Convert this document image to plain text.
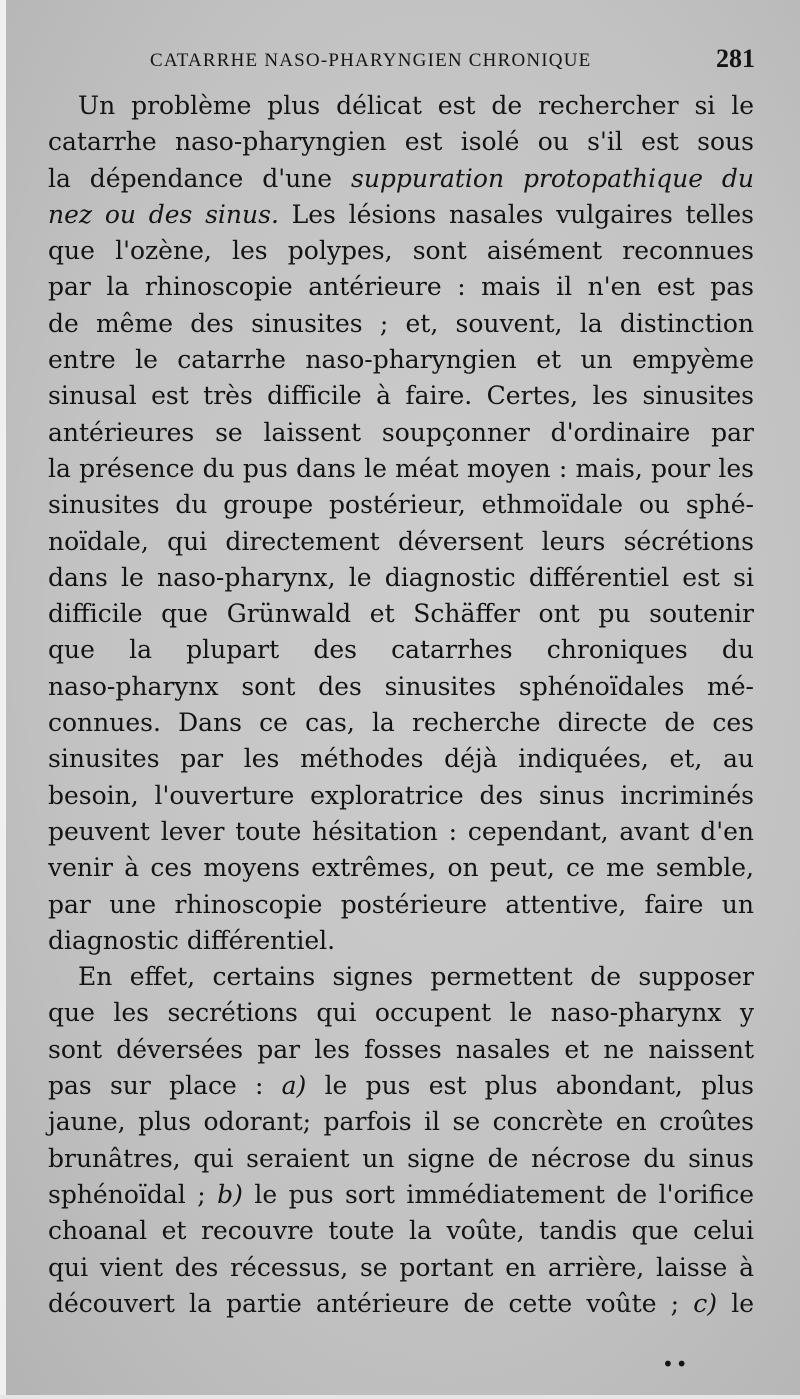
CATARRHE NASO-PHARYNGIEN CHRONIQUE	281
Un problème plus délicat est de rechercher si le
catarrhe naso-pharyngien est isolé ou s'il est sous
la dépendance d'une suppuration protopathique du
nez ou des sinus. Les lésions nasales vulgaires telles
que l'ozène, les polypes, sont aisément reconnues
par la rhinoscopie antérieure : mais il n'en est pas
de même des sinusites ; et, souvent, la distinction
entre le catarrhe naso-pharyngien et un empyème
sinusal est très difficile à faire. Certes, les sinusites
antérieures se laissent soupçonner d'ordinaire par
la présence du pus dans le méat moyen : mais, pour les
sinusites du groupe postérieur, ethmoïdale ou sphé-
noïdale, qui directement déversent leurs sécrétions
dans le naso-pharynx, le diagnostic différentiel est si
difficile que Grünwald et Schäffer ont pu soutenir
que la plupart des catarrhes chroniques du
naso-pharynx sont des sinusites sphénoïdales mé-
connues. Dans ce cas, la recherche directe de ces
sinusites par les méthodes déjà indiquées, et, au
besoin, l'ouverture exploratrice des sinus incriminés
peuvent lever toute hésitation : cependant, avant d'en
venir à ces moyens extrêmes, on peut, ce me semble,
par une rhinoscopie postérieure attentive, faire un
diagnostic différentiel.
En effet, certains signes permettent de supposer
que les secrétions qui occupent le naso-pharynx y
sont déversées par les fosses nasales et ne naissent
pas sur place : a) le pus est plus abondant, plus
jaune, plus odorant; parfois il se concrète en croûtes
brunâtres, qui seraient un signe de nécrose du sinus
sphénoïdal ; b) le pus sort immédiatement de l'orifice
choanal et recouvre toute la voûte, tandis que celui
qui vient des récessus, se portant en arrière, laisse à
découvert la partie antérieure de cette voûte ; c) le
••
